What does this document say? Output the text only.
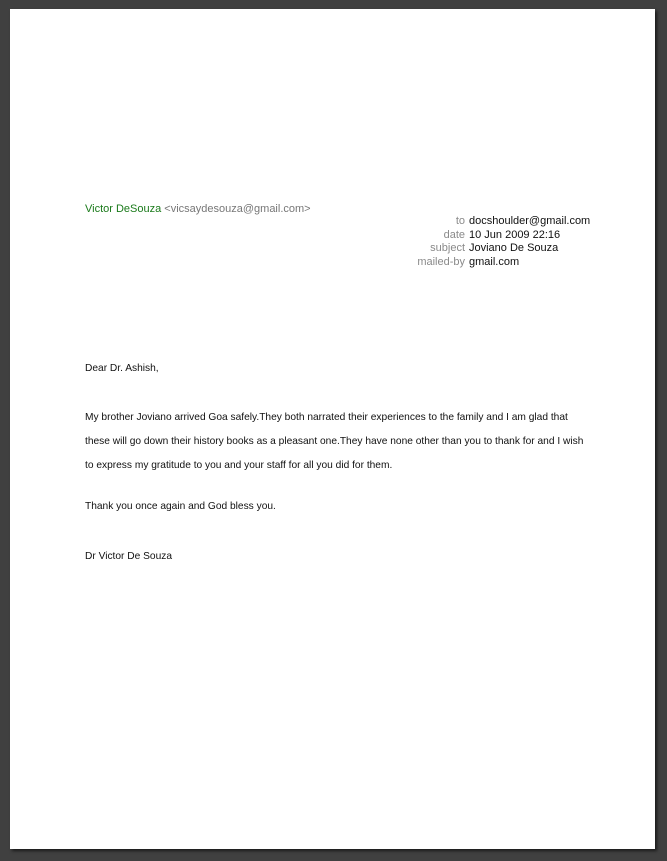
Victor DeSouza <vicsaydesouza@gmail.com>
to docshoulder@gmail.com
date 10 Jun 2009 22:16
subject Joviano De Souza
mailed-by gmail.com
Dear Dr. Ashish,
My brother Joviano arrived Goa safely.They both narrated their experiences to the family and I am glad that
these will go down their history books as a pleasant one.They have none other than you to thank for and I wish
to express my gratitude to you and your staff for all you did for them.
Thank you once again and God bless you.
Dr Victor De Souza
